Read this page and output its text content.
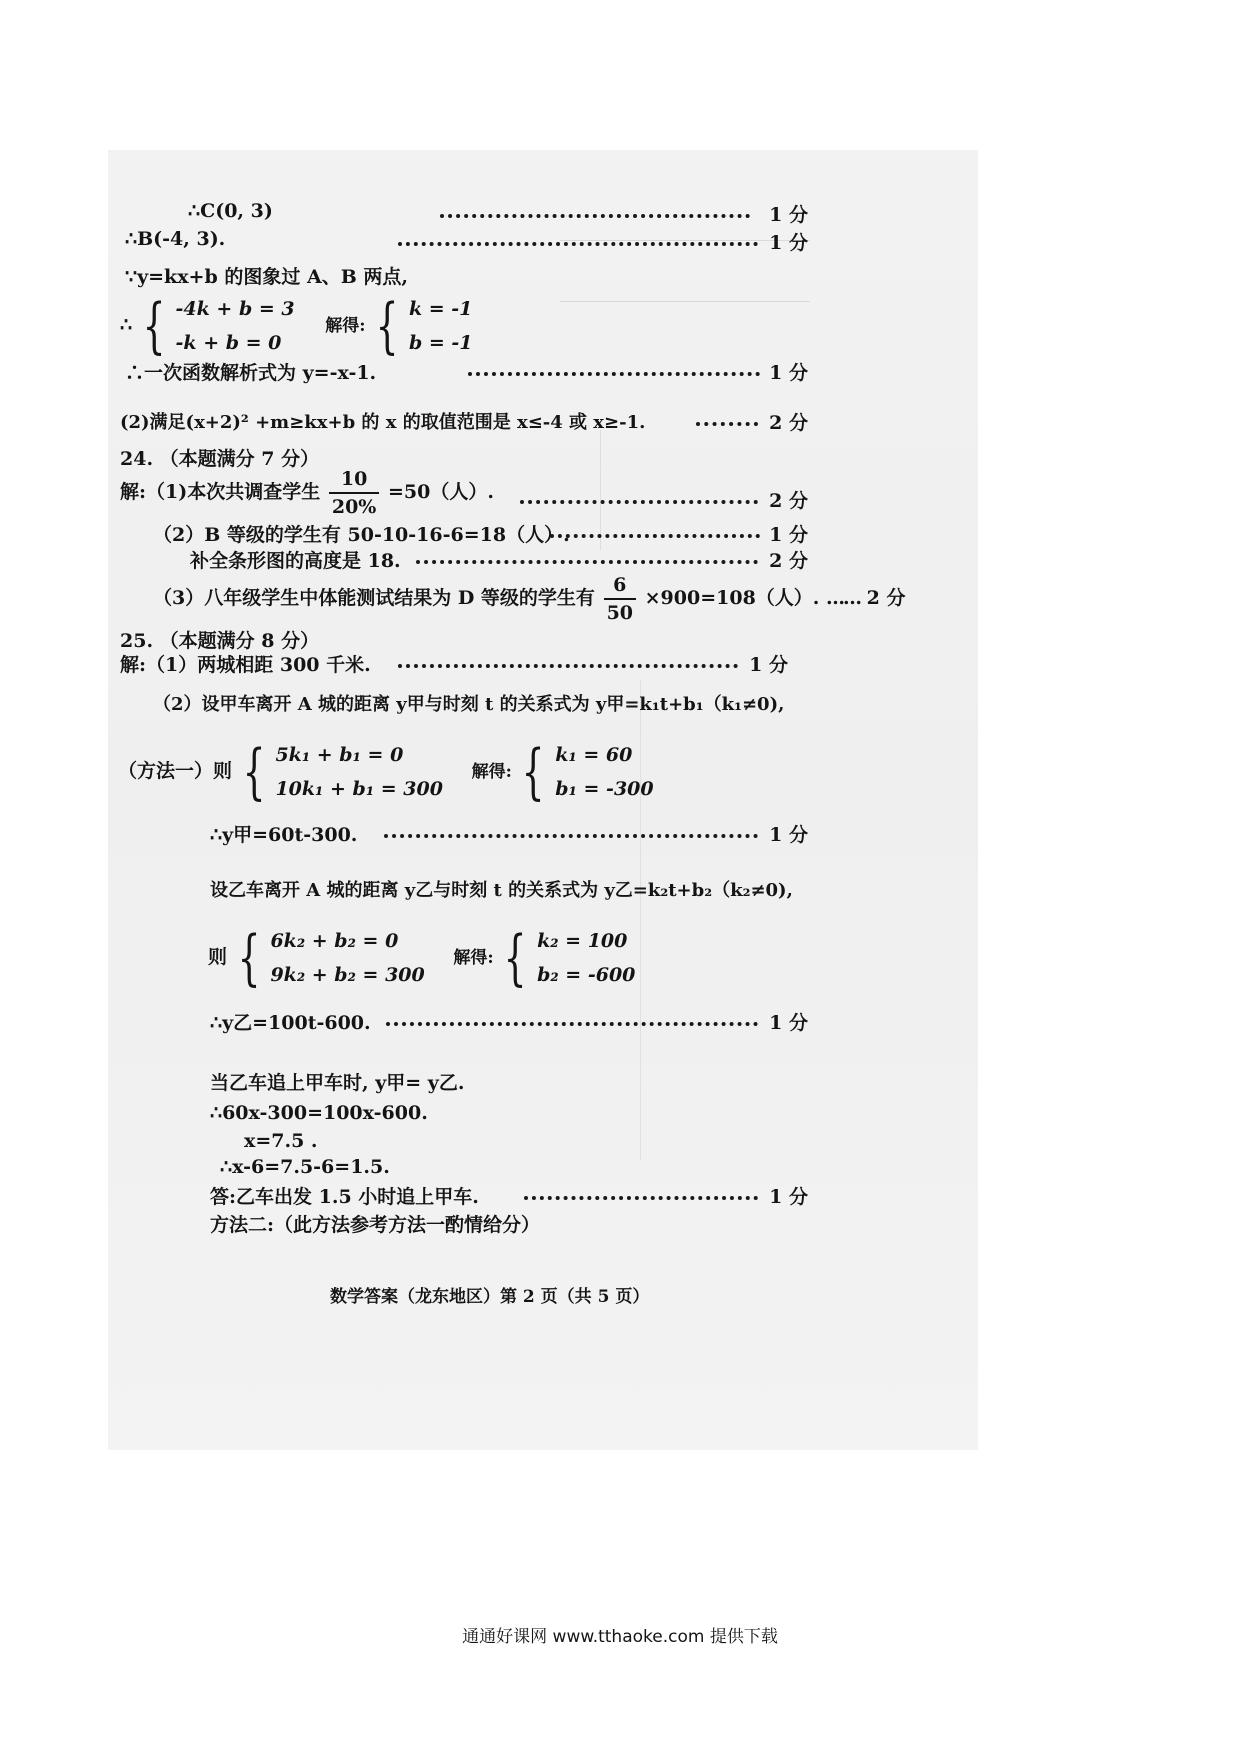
∴C(0, 3)	1 分
∴B(-4, 3).	1 分
∵y=kx+b 的图象过 A、B 两点,
∴ { -4k + b = 3
-k + b = 0
解得: { k = -1
b = -1
∴一次函数解析式为 y=-x-1.	1 分
(2)满足(x+2)² +m≥kx+b 的 x 的取值范围是 x≤-4 或 x≥-1.	2 分
24. （本题满分 7 分）
解:（1)本次共调查学生 $\frac{10}{20\%} =50$（人）.	2 分
（2）B 等级的学生有 50-10-16-6=18（人）.	1 分
补全条形图的高度是 18.	2 分
（3）八年级学生中体能测试结果为 D 等级的学生有 $\frac{6}{50} \times 900=108$（人）. …… 2 分
25. （本题满分 8 分）
解:（1）两城相距 300 千米.	1 分
（2）设甲车离开 A 城的距离 y甲与时刻 t 的关系式为 y甲=k₁t+b₁（k₁≠0),
（方法一）则 { 5k₁ + b₁ = 0
10k₁ + b₁ = 300
解得: { k₁ = 60
b₁ = -300
∴y甲=60t-300.	1 分
设乙车离开 A 城的距离 y乙与时刻 t 的关系式为 y乙=k₂t+b₂（k₂≠0),
则 { 6k₂ + b₂ = 0
9k₂ + b₂ = 300
解得: { k₂ = 100
b₂ = -600
∴y乙=100t-600.	1 分
当乙车追上甲车时, y甲= y乙.
∴60x-300=100x-600.
x=7.5 .
∴x-6=7.5-6=1.5.
答:乙车出发 1.5 小时追上甲车.	1 分
方法二:（此方法参考方法一酌情给分）
数学答案（龙东地区）第 2 页（共 5 页）
通通好课网 www.tthaoke.com 提供下载
